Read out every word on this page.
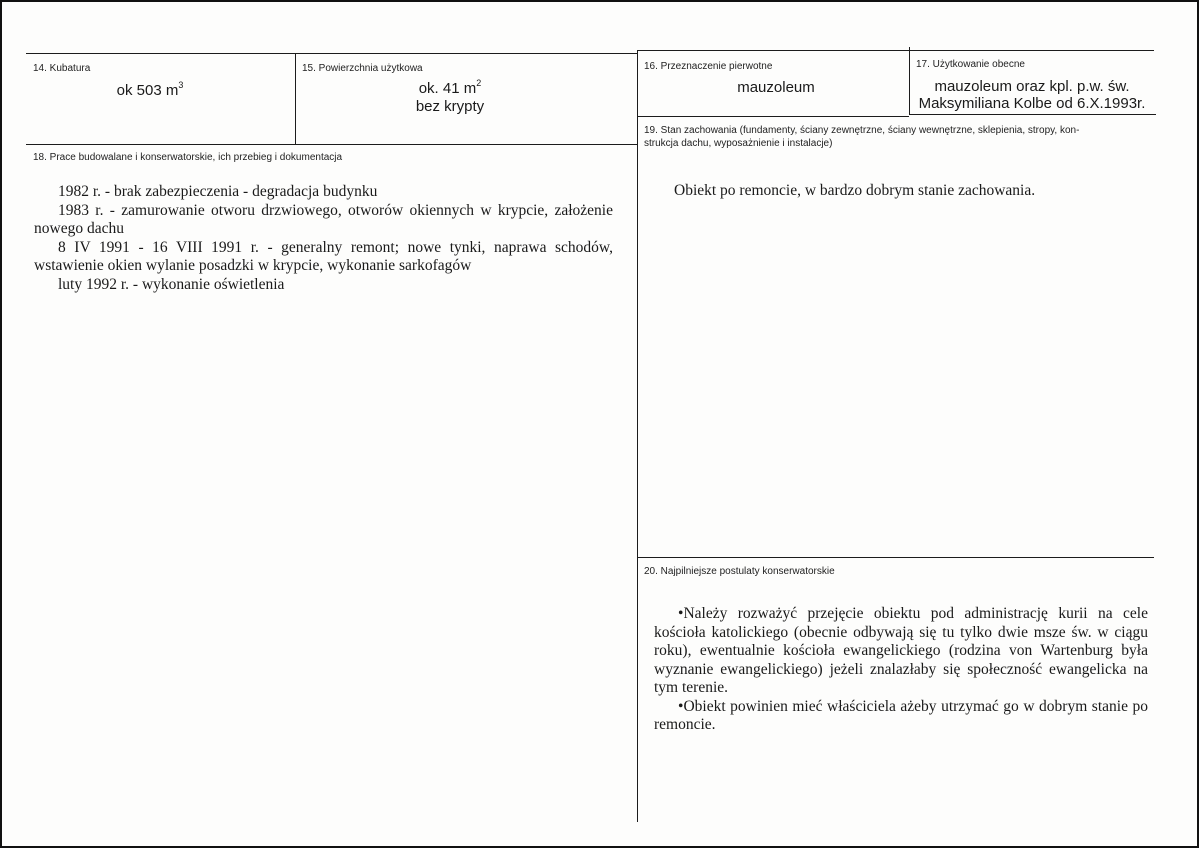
14. Kubatura
ok 503 $m^3$
15. Powierzchnia użytkowa
ok. 41 $m^2$
bez krypty
16. Przeznaczenie pierwotne
mauzoleum
17. Użytkowanie obecne
mauzoleum oraz kpl. p.w. św.
Maksymiliana Kolbe od 6.X.1993r.
18. Prace budowalane i konserwatorskie, ich przebieg i dokumentacja

1982 r. - brak zabezpieczenia - degradacja budynku

1983 r. - zamurowanie otworu drzwiowego, otworów okiennych w krypcie, założenie nowego dachu

8 IV 1991 - 16 VIII 1991 r. - generalny remont; nowe tynki, naprawa schodów, wstawienie okien wylanie posadzki w krypcie, wykonanie sarkofagów

luty 1992 r. - wykonanie oświetlenia

19. Stan zachowania (fundamenty, ściany zewnętrzne, ściany wewnętrzne, sklepienia, stropy, kon-
strukcja dachu, wyposażnienie i instalacje)
Obiekt po remoncie, w bardzo dobrym stanie zachowania.
20. Najpilniejsze postulaty konserwatorskie

• Należy rozważyć przejęcie obiektu pod administrację kurii na cele kościoła katolickiego (obecnie odbywają się tu tylko dwie msze św. w ciągu roku), ewentualnie kościoła ewangelickiego (rodzina von Wartenburg była wyznanie ewangelickiego) jeżeli znalazłaby się społeczność ewangelicka na tym terenie.

• Obiekt powinien mieć właściciela ażeby utrzymać go w dobrym stanie po remoncie.
